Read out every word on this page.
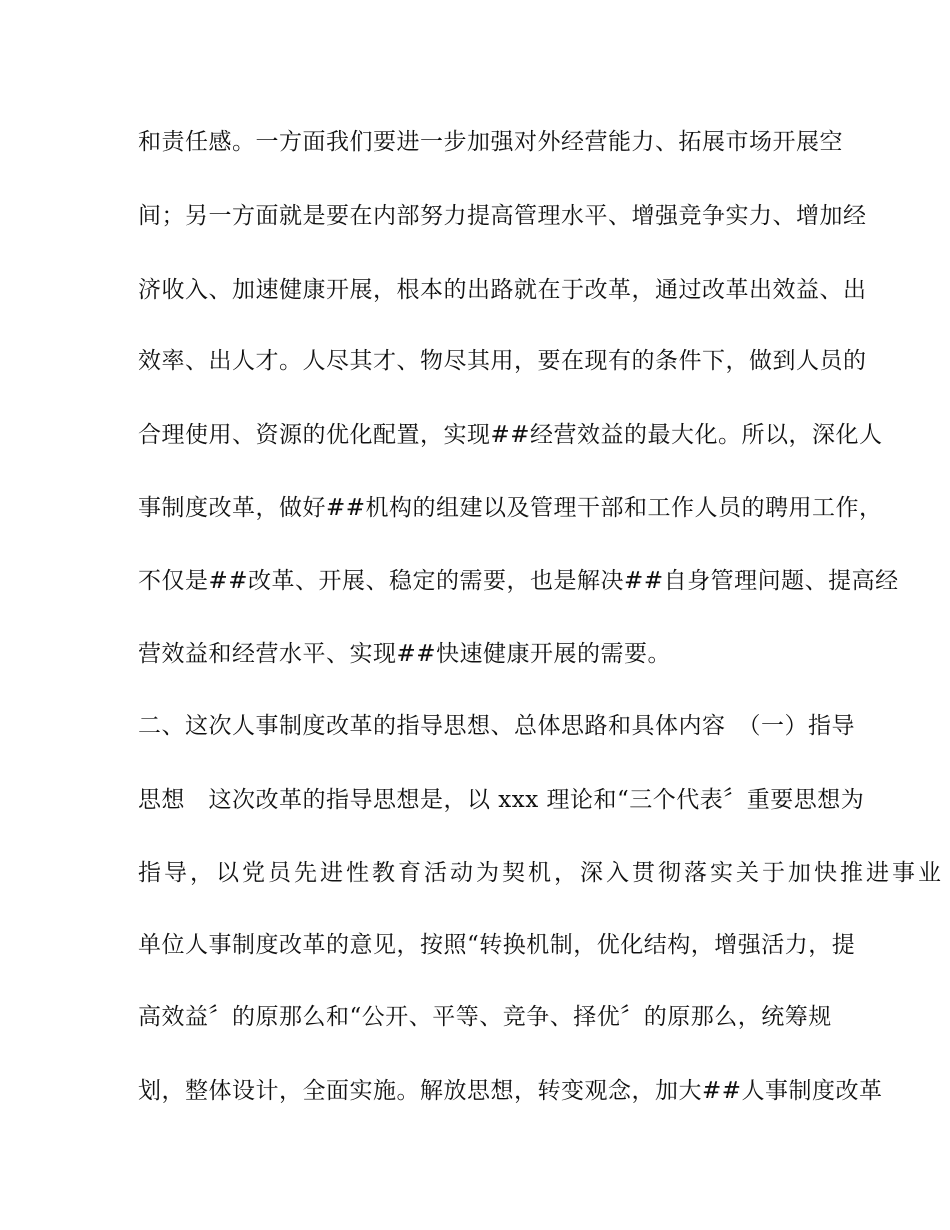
和责任感。一方面我们要进一步加强对外经营能力、拓展市场开展空
间；另一方面就是要在内部努力提高管理水平、增强竞争实力、增加经
济收入、加速健康开展，根本的出路就在于改革，通过改革出效益、出
效率、出人才。人尽其才、物尽其用，要在现有的条件下，做到人员的
合理使用、资源的优化配置，实现##经营效益的最大化。所以，深化人
事制度改革，做好##机构的组建以及管理干部和工作人员的聘用工作，
不仅是##改革、开展、稳定的需要，也是解决##自身管理问题、提高经
营效益和经营水平、实现##快速健康开展的需要。
二、这次人事制度改革的指导思想、总体思路和具体内容　（一）指导
思想　这次改革的指导思想是，以 xxx 理论和“三个代表〞重要思想为
指导，以党员先进性教育活动为契机，深入贯彻落实关于加快推进事业
单位人事制度改革的意见，按照“转换机制，优化结构，增强活力，提
高效益〞的原那么和“公开、平等、竞争、择优〞的原那么，统筹规
划，整体设计，全面实施。解放思想，转变观念，加大##人事制度改革
